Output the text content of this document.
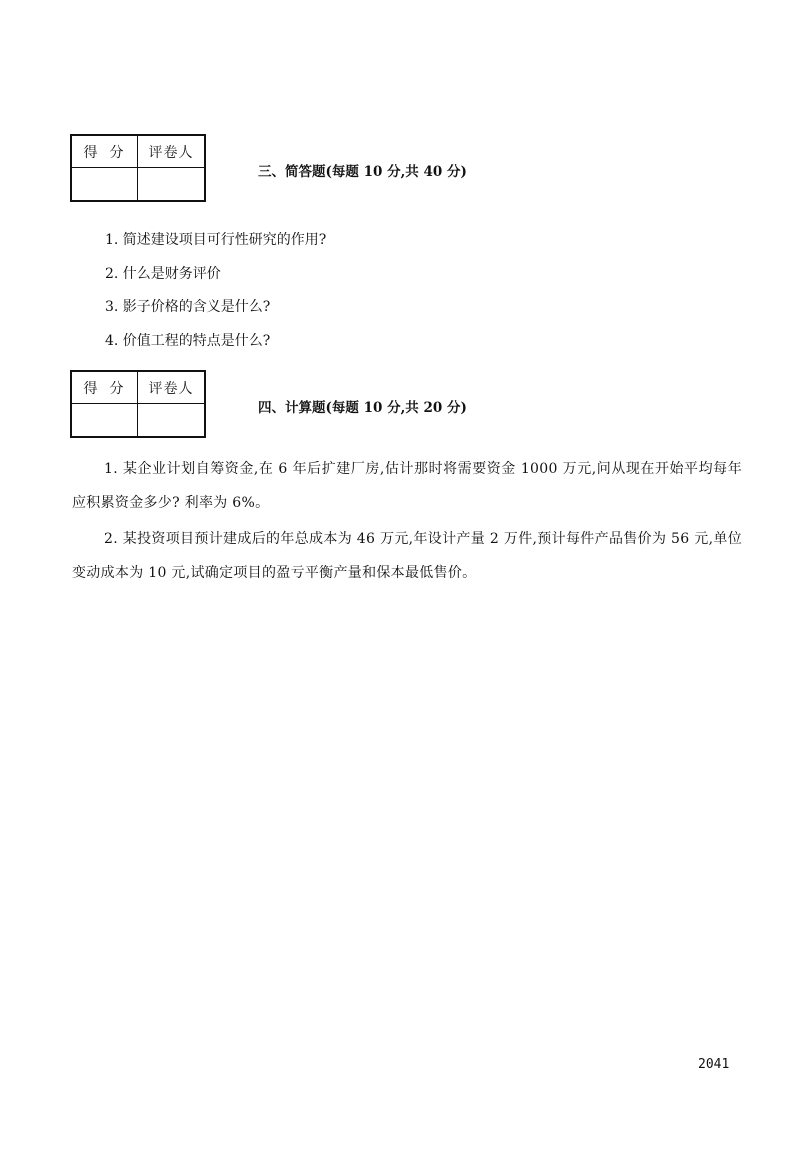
得分 评卷人
三、简答题(每题 10 分,共 40 分)
1. 简述建设项目可行性研究的作用?
2. 什么是财务评价
3. 影子价格的含义是什么?
4. 价值工程的特点是什么?
得分 评卷人
四、计算题(每题 10 分,共 20 分)
1. 某企业计划自筹资金,在 6 年后扩建厂房,估计那时将需要资金 1000 万元,问从现在开始平均每年应积累资金多少? 利率为 6%。
2. 某投资项目预计建成后的年总成本为 46 万元,年设计产量 2 万件,预计每件产品售价为 56 元,单位变动成本为 10 元,试确定项目的盈亏平衡产量和保本最低售价。
2041
